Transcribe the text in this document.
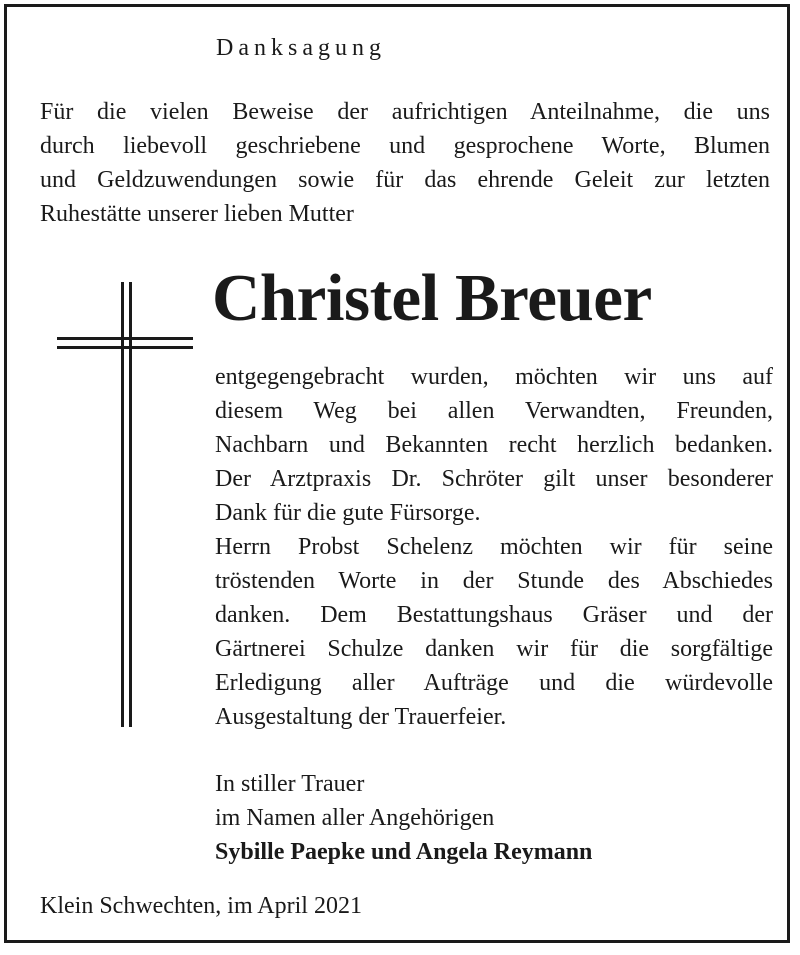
Danksagung
Für die vielen Beweise der aufrichtigen Anteilnahme, die uns
durch liebevoll geschriebene und gesprochene Worte, Blumen
und Geldzuwendungen sowie für das ehrende Geleit zur letzten
Ruhestätte unserer lieben Mutter
Christel Breuer
entgegengebracht wurden, möchten wir uns auf
diesem Weg bei allen Verwandten, Freunden,
Nachbarn und Bekannten recht herzlich bedanken.
Der Arztpraxis Dr. Schröter gilt unser besonderer
Dank für die gute Fürsorge.
Herrn Probst Schelenz möchten wir für seine
tröstenden Worte in der Stunde des Abschiedes
danken. Dem Bestattungshaus Gräser und der
Gärtnerei Schulze danken wir für die sorgfältige
Erledigung aller Aufträge und die würdevolle
Ausgestaltung der Trauerfeier.
In stiller Trauer
im Namen aller Angehörigen
Sybille Paepke und Angela Reymann
Klein Schwechten, im April 2021
